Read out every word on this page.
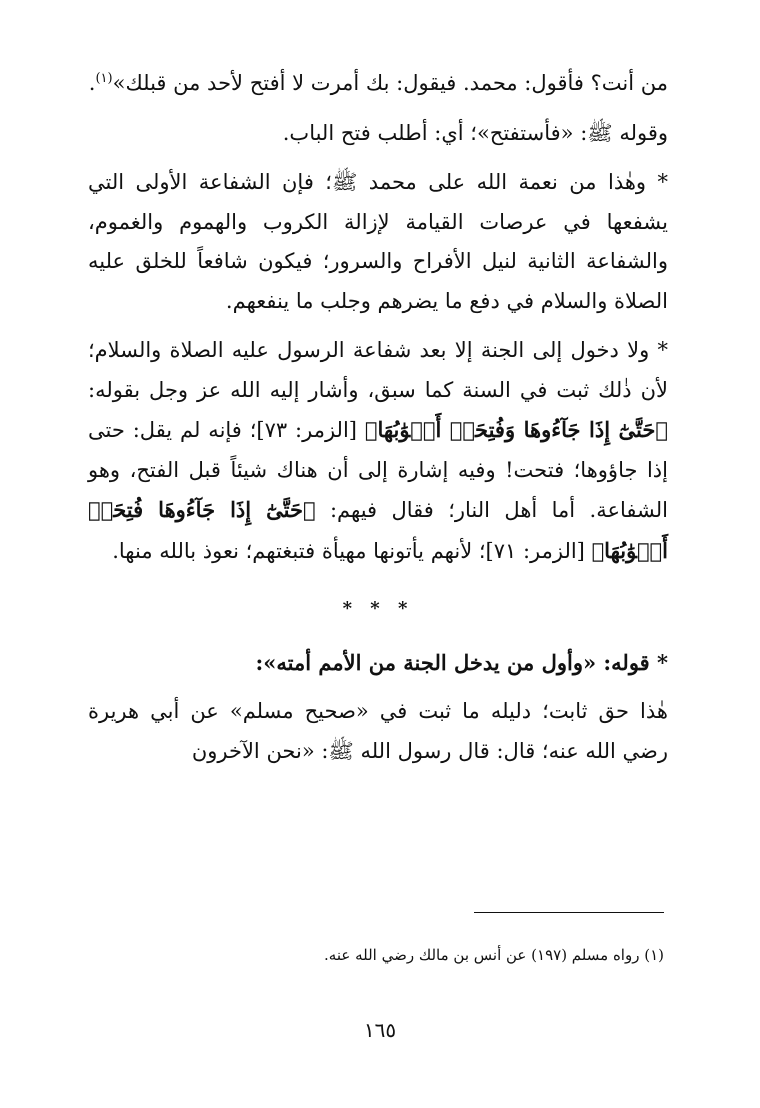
من أنت؟ فأقول: محمد. فيقول: بك أمرت لا أفتح لأحد من قبلك»$^{(١)}$.

وقوله ﷺ: «فأستفتح»؛ أي: أطلب فتح الباب.

* وهٰذا من نعمة الله على محمد ﷺ؛ فإن الشفاعة الأولى التي يشفعها في عرصات القيامة لإزالة الكروب والهموم والغموم، والشفاعة الثانية لنيل الأفراح والسرور؛ فيكون شافعاً للخلق عليه الصلاة والسلام في دفع ما يضرهم وجلب ما ينفعهم.

* ولا دخول إلى الجنة إلا بعد شفاعة الرسول عليه الصلاة والسلام؛ لأن ذٰلك ثبت في السنة كما سبق، وأشار إليه الله عز وجل بقوله: ﴿حَتَّىٰٓ إِذَا جَآءُوهَا وَفُتِحَتۡ أَبۡوَٰبُهَا﴾ [الزمر: ٧٣]؛ فإنه لم يقل: حتى إذا جاؤوها؛ فتحت! وفيه إشارة إلى أن هناك شيئاً قبل الفتح، وهو الشفاعة. أما أهل النار؛ فقال فيهم: ﴿حَتَّىٰٓ إِذَا جَآءُوهَا فُتِحَتۡ أَبۡوَٰبُهَا﴾ [الزمر: ٧١]؛ لأنهم يأتونها مهيأة فتبغتهم؛ نعوذ بالله منها.

* * *

* قوله: «وأول من يدخل الجنة من الأمم أمته»:

هٰذا حق ثابت؛ دليله ما ثبت في «صحيح مسلم» عن أبي هريرة رضي الله عنه؛ قال: قال رسول الله ﷺ: «نحن الآخرون

(١) رواه مسلم (١٩٧) عن أنس بن مالك رضي الله عنه.
١٦٥
